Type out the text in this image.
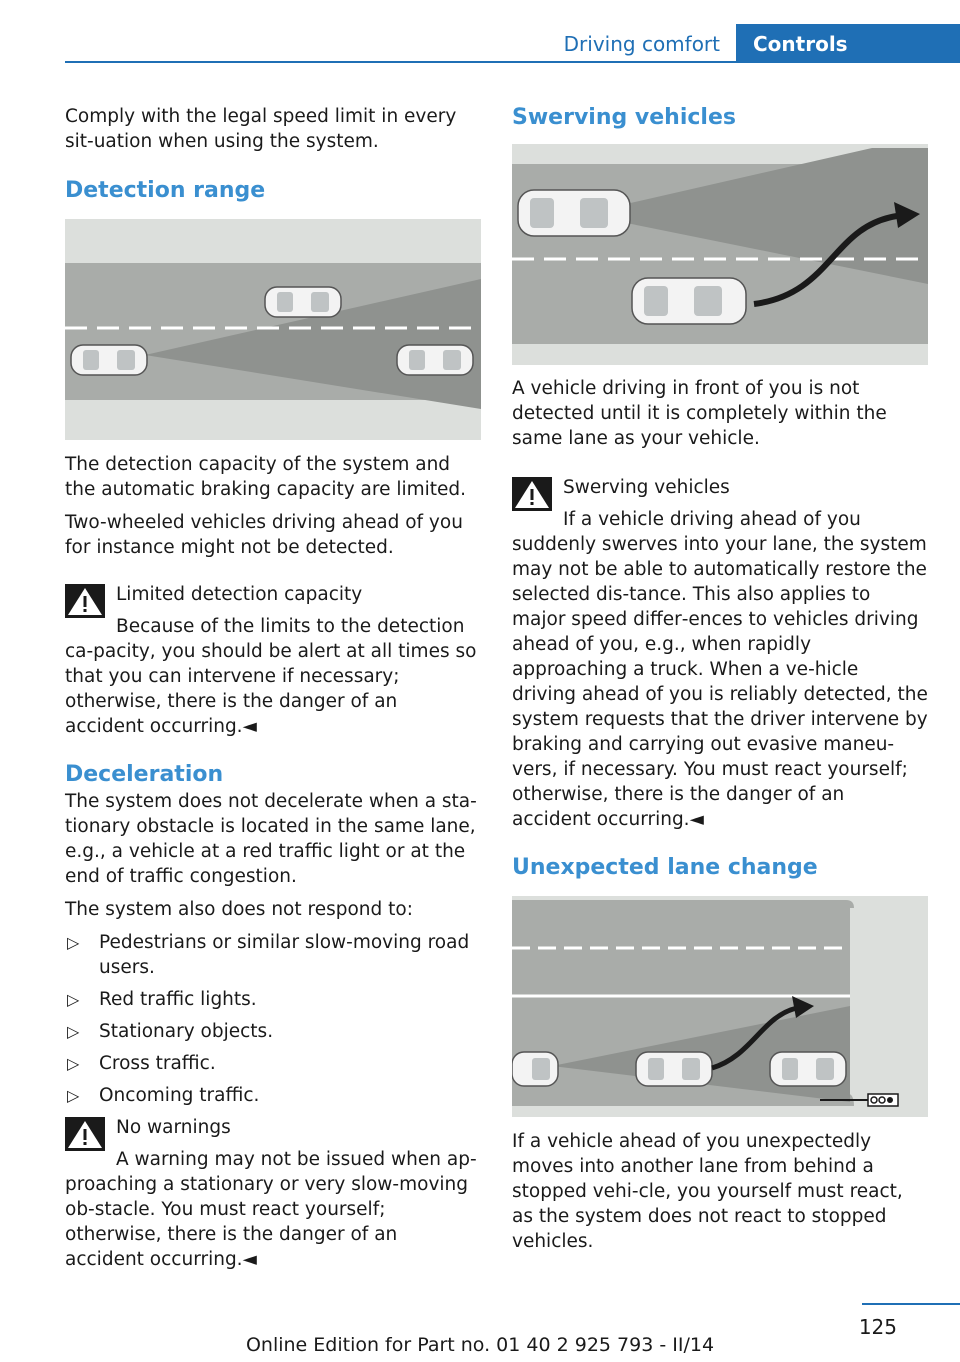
Driving comfort	Controls

Comply with the legal speed limit in every sit‐uation when using the system.

Detection range

The detection capacity of the system and the automatic braking capacity are limited.

Two-wheeled vehicles driving ahead of you for instance might not be detected.

Limited detection capacity
Because of the limits to the detection ca‐pacity, you should be alert at all times so that you can intervene if necessary; otherwise, there is the danger of an accident occurring.◄
Deceleration

The system does not decelerate when a sta‐tionary obstacle is located in the same lane, e.g., a vehicle at a red traffic light or at the end of traffic congestion.

The system also does not respond to:

▷ Pedestrians or similar slow-moving road users.
▷ Red traffic lights.
▷ Stationary objects.
▷ Cross traffic.
▷ Oncoming traffic.
No warnings
A warning may not be issued when ap‐proaching a stationary or very slow-moving ob‐stacle. You must react yourself; otherwise, there is the danger of an accident occurring.◄
Swerving vehicles

A vehicle driving in front of you is not detected until it is completely within the same lane as your vehicle.

Swerving vehicles
If a vehicle driving ahead of you suddenly swerves into your lane, the system may not be able to automatically restore the selected dis‐tance. This also applies to major speed differ‐ences to vehicles driving ahead of you, e.g., when rapidly approaching a truck. When a ve‐hicle driving ahead of you is reliably detected, the system requests that the driver intervene by braking and carrying out evasive maneu‐vers, if necessary. You must react yourself; otherwise, there is the danger of an accident occurring.◄
Unexpected lane change

If a vehicle ahead of you unexpectedly moves into another lane from behind a stopped vehi‐cle, you yourself must react, as the system does not react to stopped vehicles.

125
Online Edition for Part no. 01 40 2 925 793 - II/14
